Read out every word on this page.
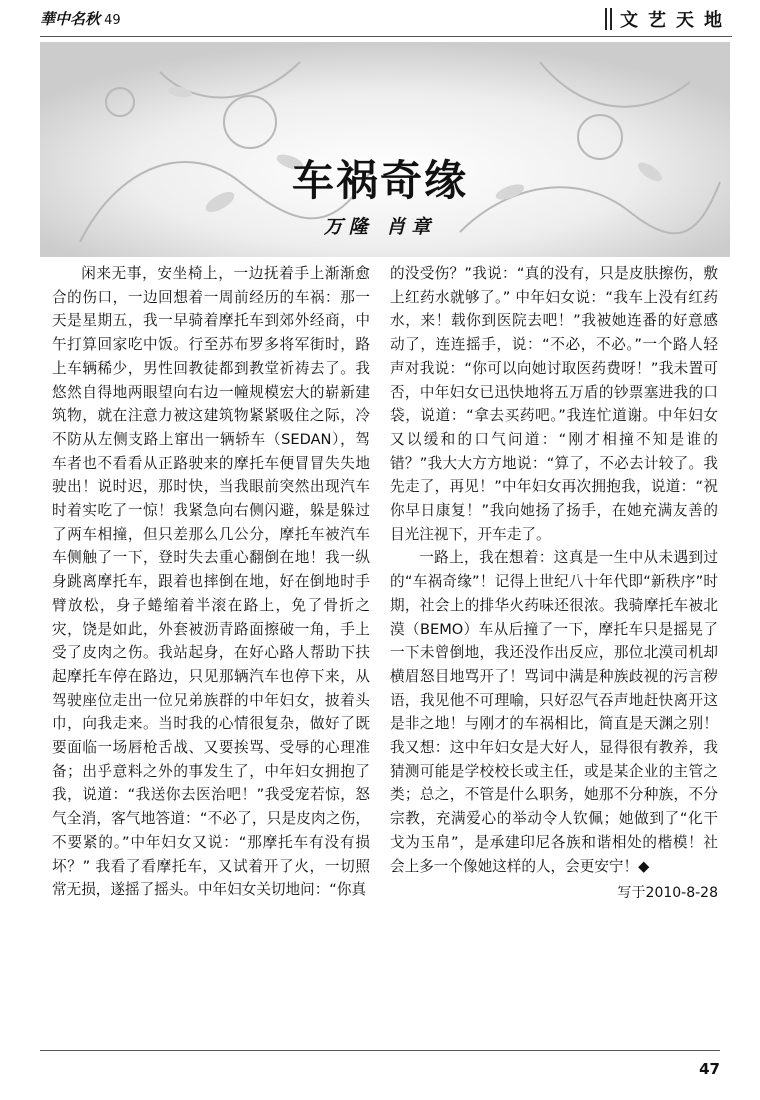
華中名秋 49	文艺天地
车祸奇缘
万隆 肖章

闲来无事，安坐椅上，一边抚着手上渐渐愈合的伤口，一边回想着一周前经历的车祸：那一天是星期五，我一早骑着摩托车到郊外经商，中午打算回家吃中饭。行至苏布罗多将军街时，路上车辆稀少，男性回教徒都到教堂祈祷去了。我悠然自得地两眼望向右边一幢规模宏大的崭新建筑物，就在注意力被这建筑物紧紧吸住之际，冷不防从左侧支路上窜出一辆轿车（SEDAN），驾车者也不看看从正路驶来的摩托车便冒冒失失地驶出！说时迟，那时快，当我眼前突然出现汽车时着实吃了一惊！我紧急向右侧闪避，躲是躲过了两车相撞，但只差那么几公分，摩托车被汽车车侧触了一下，登时失去重心翻倒在地！我一纵身跳离摩托车，跟着也摔倒在地，好在倒地时手臂放松，身子蜷缩着半滚在路上，免了骨折之灾，饶是如此，外套被沥青路面擦破一角，手上受了皮肉之伤。我站起身，在好心路人帮助下扶起摩托车停在路边，只见那辆汽车也停下来，从驾驶座位走出一位兄弟族群的中年妇女，披着头巾，向我走来。当时我的心情很复杂，做好了既要面临一场唇枪舌战、又要挨骂、受辱的心理准备；出乎意料之外的事发生了，中年妇女拥抱了我，说道：“我送你去医治吧！”我受宠若惊，怒气全消，客气地答道：“不必了，只是皮肉之伤，不要紧的。”中年妇女又说：“那摩托车有没有损坏？” 我看了看摩托车，又试着开了火，一切照常无损，遂摇了摇头。中年妇女关切地问：“你真

的没受伤？”我说：“真的没有，只是皮肤擦伤，敷上红药水就够了。” 中年妇女说：“我车上没有红药水，来！载你到医院去吧！”我被她连番的好意感动了，连连摇手，说：“不必，不必。”一个路人轻声对我说：“你可以向她讨取医药费呀！”我未置可否，中年妇女已迅快地将五万盾的钞票塞进我的口袋，说道：“拿去买药吧。”我连忙道谢。中年妇女又以缓和的口气问道：“刚才相撞不知是谁的错？”我大大方方地说：“算了，不必去计较了。我先走了，再见！”中年妇女再次拥抱我，说道：“祝你早日康复！”我向她扬了扬手，在她充满友善的目光注视下，开车走了。

一路上，我在想着：这真是一生中从未遇到过的“车祸奇缘”！记得上世纪八十年代即“新秩序”时期，社会上的排华火药味还很浓。我骑摩托车被北漠（BEMO）车从后撞了一下，摩托车只是摇晃了一下未曾倒地，我还没作出反应，那位北漠司机却横眉怒目地骂开了！骂词中满是种族歧视的污言秽语，我见他不可理喻，只好忍气吞声地赶快离开这是非之地！与刚才的车祸相比，简直是天渊之别！我又想：这中年妇女是大好人，显得很有教养，我猜测可能是学校校长或主任，或是某企业的主管之类；总之，不管是什么职务，她那不分种族，不分宗教，充满爱心的举动令人钦佩；她做到了“化干戈为玉帛”，是承建印尼各族和谐相处的楷模！社会上多一个像她这样的人，会更安宁！◆

写于2010-8-28
47
